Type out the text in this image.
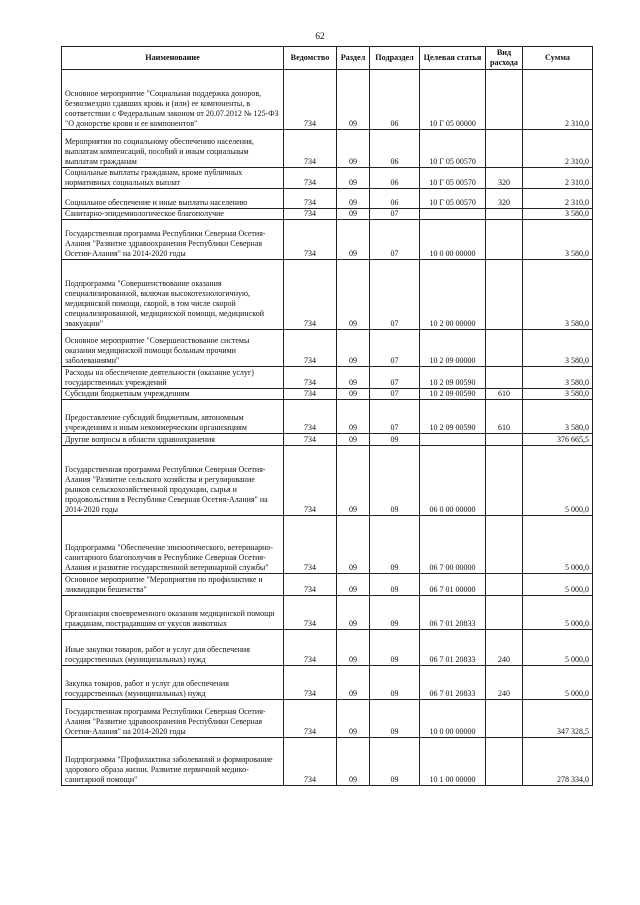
62
Наименование	Ведомство	Раздел	Подраздел	Целевая статья	Вид расхода	Сумма
Основное мероприятие "Социальная поддержка доноров, безвозмездно сдавших кровь и (или) ее компоненты, в соответствии с Федеральным законом от 20.07.2012 № 125-ФЗ "О донорстве крови и ее компонентов"	734	09	06	10 Г 05 00000		2 310,0
Мероприятия по социальному обеспечению населения, выплатам компенсаций, пособий и иным социальным выплатам гражданам	734	09	06	10 Г 05 00570		2 310,0
Социальные выплаты гражданам, кроме публичных нормативных социальных выплат	734	09	06	10 Г 05 00570	320	2 310,0
Социальное обеспечение и иные выплаты населению	734	09	06	10 Г 05 00570	320	2 310,0
Санитарно-эпидемиологическое благополучие	734	09	07			3 580,0
Государственная программа Республики Северная Осетия-Алания "Развитие здравоохранения Республики Северная Осетия-Алания" на 2014-2020 годы	734	09	07	10 0 00 00000		3 580,0
Подпрограмма "Совершенствование оказания специализированной, включая высокотехнологичную, медицинской помощи, скорой, в том числе скорой специализированной, медицинской помощи, медицинской эвакуации"	734	09	07	10 2 00 00000		3 580,0
Основное мероприятие "Совершенствование системы оказания медицинской помощи больным прочими заболеваниями"	734	09	07	10 2 09 00000		3 580,0
Расходы на обеспечение деятельности (оказание услуг) государственных учреждений	734	09	07	10 2 09 00590		3 580,0
Субсидии бюджетным учреждениям	734	09	07	10 2 09 00590	610	3 580,0
Предоставление субсидий бюджетным, автономным учреждениям и иным некоммерческим организациям	734	09	07	10 2 09 00590	610	3 580,0
Другие вопросы в области здравоохранения	734	09	09			376 665,5
Государственная программа Республики Северная Осетия-Алания "Развитие сельского хозяйства и регулирование рынков сельскохозяйственной продукции, сырья и продовольствия в Республике Северная Осетия-Алания" на 2014-2020 годы	734	09	09	06 0 00 00000		5 000,0
Подпрограмма "Обеспечение эпизоотического, ветеринарно-санитарного благополучия в Республике Северная Осетия-Алания и развитие государственной ветеринарной службы"	734	09	09	06 7 00 00000		5 000,0
Основное мероприятие "Мероприятия по профилактике и ликвидации бешенства"	734	09	09	06 7 01 00000		5 000,0
Организация своевременного оказания медицинской помощи гражданам, пострадавшим от укусов животных	734	09	09	06 7 01 20833		5 000,0
Иные закупки товаров, работ и услуг для обеспечения государственных (муниципальных) нужд	734	09	09	06 7 01 20833	240	5 000,0
Закупка товаров, работ и услуг для обеспечения государственных (муниципальных) нужд	734	09	09	06 7 01 20833	240	5 000,0
Государственная программа Республики Северная Осетия-Алания "Развитие здравоохранения Республики Северная Осетия-Алания" на 2014-2020 годы	734	09	09	10 0 00 00000		347 328,5
Подпрограмма "Профилактика заболеваний и формирование здорового образа жизни. Развитие первичной медико-санитарной помощи"	734	09	09	10 1 00 00000		278 334,0
